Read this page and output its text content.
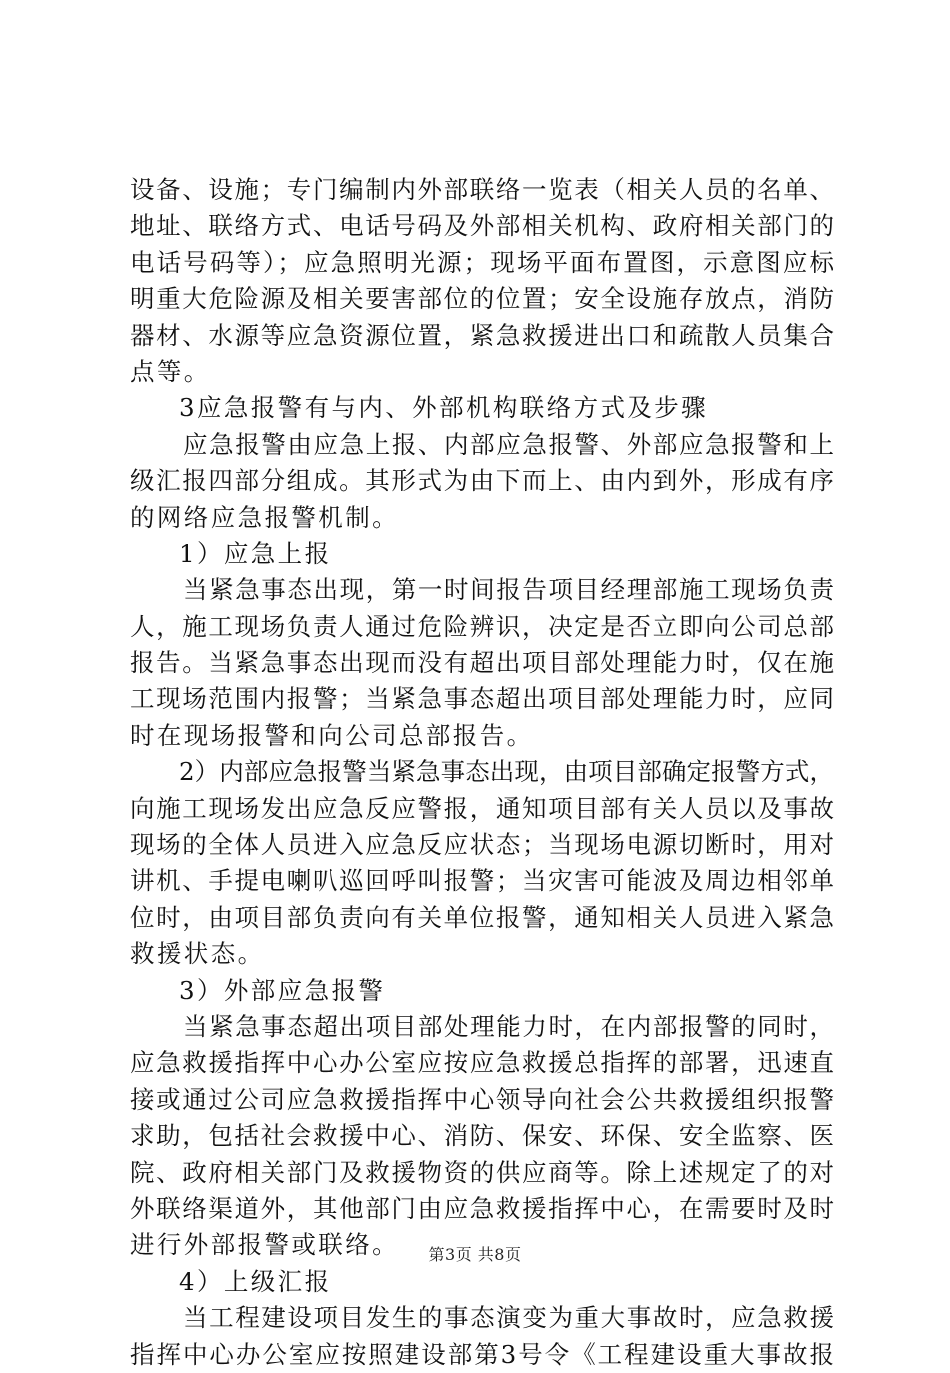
设备、设施；专门编制内外部联络一览表（相关人员的名单、
地址、联络方式、电话号码及外部相关机构、政府相关部门的
电话号码等）；应急照明光源；现场平面布置图，示意图应标
明重大危险源及相关要害部位的位置；安全设施存放点，消防
器材、水源等应急资源位置，紧急救援进出口和疏散人员集合
点等。
3应急报警有与内、外部机构联络方式及步骤
应急报警由应急上报、内部应急报警、外部应急报警和上
级汇报四部分组成。其形式为由下而上、由内到外，形成有序
的网络应急报警机制。
1）应急上报
当紧急事态出现，第一时间报告项目经理部施工现场负责
人，施工现场负责人通过危险辨识，决定是否立即向公司总部
报告。当紧急事态出现而没有超出项目部处理能力时，仅在施
工现场范围内报警；当紧急事态超出项目部处理能力时，应同
时在现场报警和向公司总部报告。
2）内部应急报警当紧急事态出现，由项目部确定报警方式，
向施工现场发出应急反应警报，通知项目部有关人员以及事故
现场的全体人员进入应急反应状态；当现场电源切断时，用对
讲机、手提电喇叭巡回呼叫报警；当灾害可能波及周边相邻单
位时，由项目部负责向有关单位报警，通知相关人员进入紧急
救援状态。
3）外部应急报警
当紧急事态超出项目部处理能力时，在内部报警的同时，
应急救援指挥中心办公室应按应急救援总指挥的部署，迅速直
接或通过公司应急救援指挥中心领导向社会公共救援组织报警
求助，包括社会救援中心、消防、保安、环保、安全监察、医
院、政府相关部门及救援物资的供应商等。除上述规定了的对
外联络渠道外，其他部门由应急救援指挥中心，在需要时及时
进行外部报警或联络。
4）上级汇报
当工程建设项目发生的事态演变为重大事故时，应急救援
指挥中心办公室应按照建设部第3号令《工程建设重大事故报
第3页 共8页
